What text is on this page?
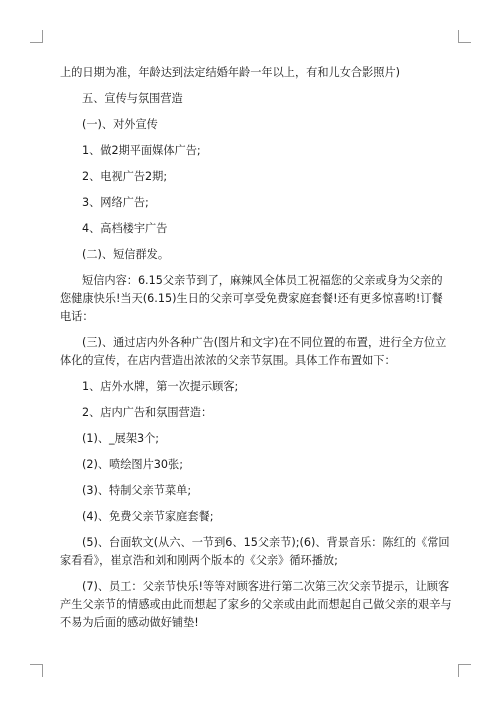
上的日期为准，年龄达到法定结婚年龄一年以上，有和儿女合影照片)

五、宣传与氛围营造

(一)、对外宣传

1、做2期平面媒体广告;

2、电视广告2期;

3、网络广告;

4、高档楼宇广告

(二)、短信群发。

短信内容：6.15父亲节到了，麻辣风全体员工祝福您的父亲或身为父亲的您健康快乐!当天(6.15)生日的父亲可享受免费家庭套餐!还有更多惊喜哟!订餐电话：

(三)、通过店内外各种广告(图片和文字)在不同位置的布置，进行全方位立体化的宣传，在店内营造出浓浓的父亲节氛围。具体工作布置如下：

1、店外水牌，第一次提示顾客;

2、店内广告和氛围营造：

(1)、_展架3个;

(2)、喷绘图片30张;

(3)、特制父亲节菜单;

(4)、免费父亲节家庭套餐;

(5)、台面软文(从六、一节到6、15父亲节);(6)、背景音乐：陈红的《常回家看看》，崔京浩和刘和刚两个版本的《父亲》循环播放;

(7)、员工：父亲节快乐!等等对顾客进行第二次第三次父亲节提示，让顾客产生父亲节的情感或由此而想起了家乡的父亲或由此而想起自己做父亲的艰辛与不易为后面的感动做好铺垫!
